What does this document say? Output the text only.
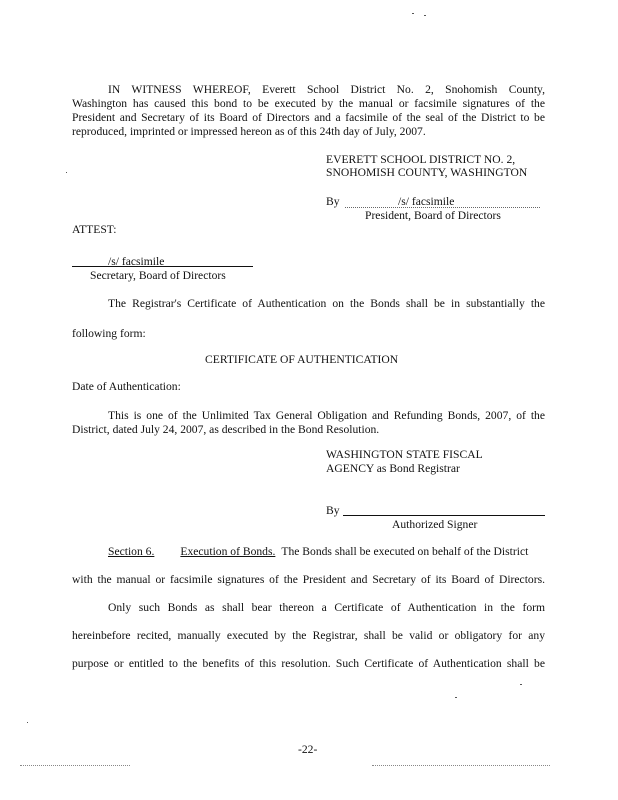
IN WITNESS WHEREOF, Everett School District No. 2, Snohomish County,
Washington has caused this bond to be executed by the manual or facsimile signatures of the
President and Secretary of its Board of Directors and a facsimile of the seal of the District to be
reproduced, imprinted or impressed hereon as of this 24th day of July, 2007.
EVERETT SCHOOL DISTRICT NO. 2,
SNOHOMISH COUNTY, WASHINGTON
By	/s/ facsimile
President, Board of Directors
ATTEST:
/s/ facsimile
Secretary, Board of Directors
The Registrar's Certificate of Authentication on the Bonds shall be in substantially the
following form:
CERTIFICATE OF AUTHENTICATION
Date of Authentication:
This is one of the Unlimited Tax General Obligation and Refunding Bonds, 2007, of the
District, dated July 24, 2007, as described in the Bond Resolution.
WASHINGTON STATE FISCAL
AGENCY as Bond Registrar
By
Authorized Signer
Section 6. Execution of Bonds. The Bonds shall be executed on behalf of the District
with the manual or facsimile signatures of the President and Secretary of its Board of Directors.
Only such Bonds as shall bear thereon a Certificate of Authentication in the form
hereinbefore recited, manually executed by the Registrar, shall be valid or obligatory for any
purpose or entitled to the benefits of this resolution. Such Certificate of Authentication shall be
-22-
